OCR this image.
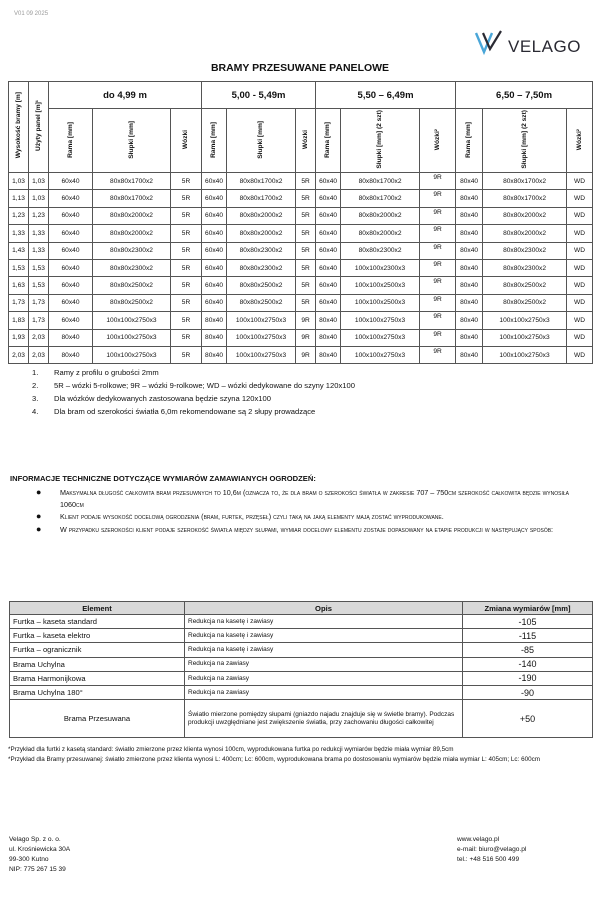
V01 09 2025
VELAGO
BRAMY PRZESUWANE PANELOWE
Wysokość bramy [m]	Użyty panel [m]¹	do 4,99 m			5,00 - 5,49m			5,50 – 6,49m			6,50 – 7,50m		
		Rama [mm]	Słupki [mm]	Wózki	Rama [mm]	Słupki [mm]	Wózki	Rama [mm]	Słupki [mm] (2 szt)	Wózki²	Rama [mm]	Słupki [mm] (2 szt)	Wózki²
1,03	1,03	60x40	80x80x1700x2	5R	60x40	80x80x1700x2	5R	60x40	80x80x1700x2	9R	80x40	80x80x1700x2	WD
1,13	1,03	60x40	80x80x1700x2	5R	60x40	80x80x1700x2	5R	60x40	80x80x1700x2	9R	80x40	80x80x1700x2	WD
1,23	1,23	60x40	80x80x2000x2	5R	60x40	80x80x2000x2	5R	60x40	80x80x2000x2	9R	80x40	80x80x2000x2	WD
1,33	1,33	60x40	80x80x2000x2	5R	60x40	80x80x2000x2	5R	60x40	80x80x2000x2	9R	80x40	80x80x2000x2	WD
1,43	1,33	60x40	80x80x2300x2	5R	60x40	80x80x2300x2	5R	60x40	80x80x2300x2	9R	80x40	80x80x2300x2	WD
1,53	1,53	60x40	80x80x2300x2	5R	60x40	80x80x2300x2	5R	60x40	100x100x2300x3	9R	80x40	80x80x2300x2	WD
1,63	1,53	60x40	80x80x2500x2	5R	60x40	80x80x2500x2	5R	60x40	100x100x2500x3	9R	80x40	80x80x2500x2	WD
1,73	1,73	60x40	80x80x2500x2	5R	60x40	80x80x2500x2	5R	60x40	100x100x2500x3	9R	80x40	80x80x2500x2	WD
1,83	1,73	60x40	100x100x2750x3	5R	80x40	100x100x2750x3	9R	80x40	100x100x2750x3	9R	80x40	100x100x2750x3	WD
1,93	2,03	80x40	100x100x2750x3	5R	80x40	100x100x2750x3	9R	80x40	100x100x2750x3	9R	80x40	100x100x2750x3	WD
2,03	2,03	80x40	100x100x2750x3	5R	80x40	100x100x2750x3	9R	80x40	100x100x2750x3	9R	80x40	100x100x2750x3	WD
1. Ramy z profilu o grubości 2mm
2. 5R – wózki 5-rolkowe; 9R – wózki 9-rolkowe; WD – wózki dedykowane do szyny 120x100
3. Dla wózków dedykowanych zastosowana będzie szyna 120x100
4. Dla bram od szerokości światła 6,0m rekomendowane są 2 słupy prowadzące
INFORMACJE TECHNICZNE DOTYCZĄCE WYMIARÓW ZAMAWIANYCH OGRODZEŃ:
●	Maksymalna długość całkowita bram przesuwnych to 10,6m (oznacza to, że dla bram o szerokości światła w zakresie 707 – 750cm szerokość całkowita będzie wynosiła 1060cm
●	Klient podaje wysokość docelową ogrodzenia (bram, furtek, przęseł) czyli taką na jaką elementy mają zostać wyprodukowane.
●	W przypadku szerokości klient podaje szerokość światła między słupami, wymiar docelowy elementu zostaje dopasowany na etapie produkcji w następujący sposób:
Element	Opis	Zmiana wymiarów [mm]
Furtka – kaseta standard	Redukcja na kasetę i zawiasy	-105
Furtka – kaseta elektro	Redukcja na kasetę i zawiasy	-115
Furtka – ogranicznik	Redukcja na kasetę i zawiasy	-85
Brama Uchylna	Redukcja na zawiasy	-140
Brama Harmonijkowa	Redukcja na zawiasy	-190
Brama Uchylna 180°	Redukcja na zawiasy	-90
Brama Przesuwana	Światło mierzone pomiędzy słupami (gniazdo najadu znajduje się w świetle bramy). Podczas produkcji uwzględniane jest zwiększenie światła, przy zachowaniu długości całkowitej	+50
*Przykład dla furtki z kasetą standard: światło zmierzone przez klienta wynosi 100cm, wyprodukowana furtka po redukcji wymiarów będzie miała wymiar 89,5cm
*Przykład dla Bramy przesuwanej: światło zmierzone przez klienta wynosi L: 400cm; Lc: 600cm, wyprodukowana brama po dostosowaniu wymiarów będzie miała wymiar L: 405cm; Lc: 600cm
Velago Sp. z o. o.
ul. Krośniewicka 30A
99-300 Kutno
NIP: 775 267 15 39
www.velago.pl
e-mail: biuro@velago.pl
tel.: +48 516 500 499
